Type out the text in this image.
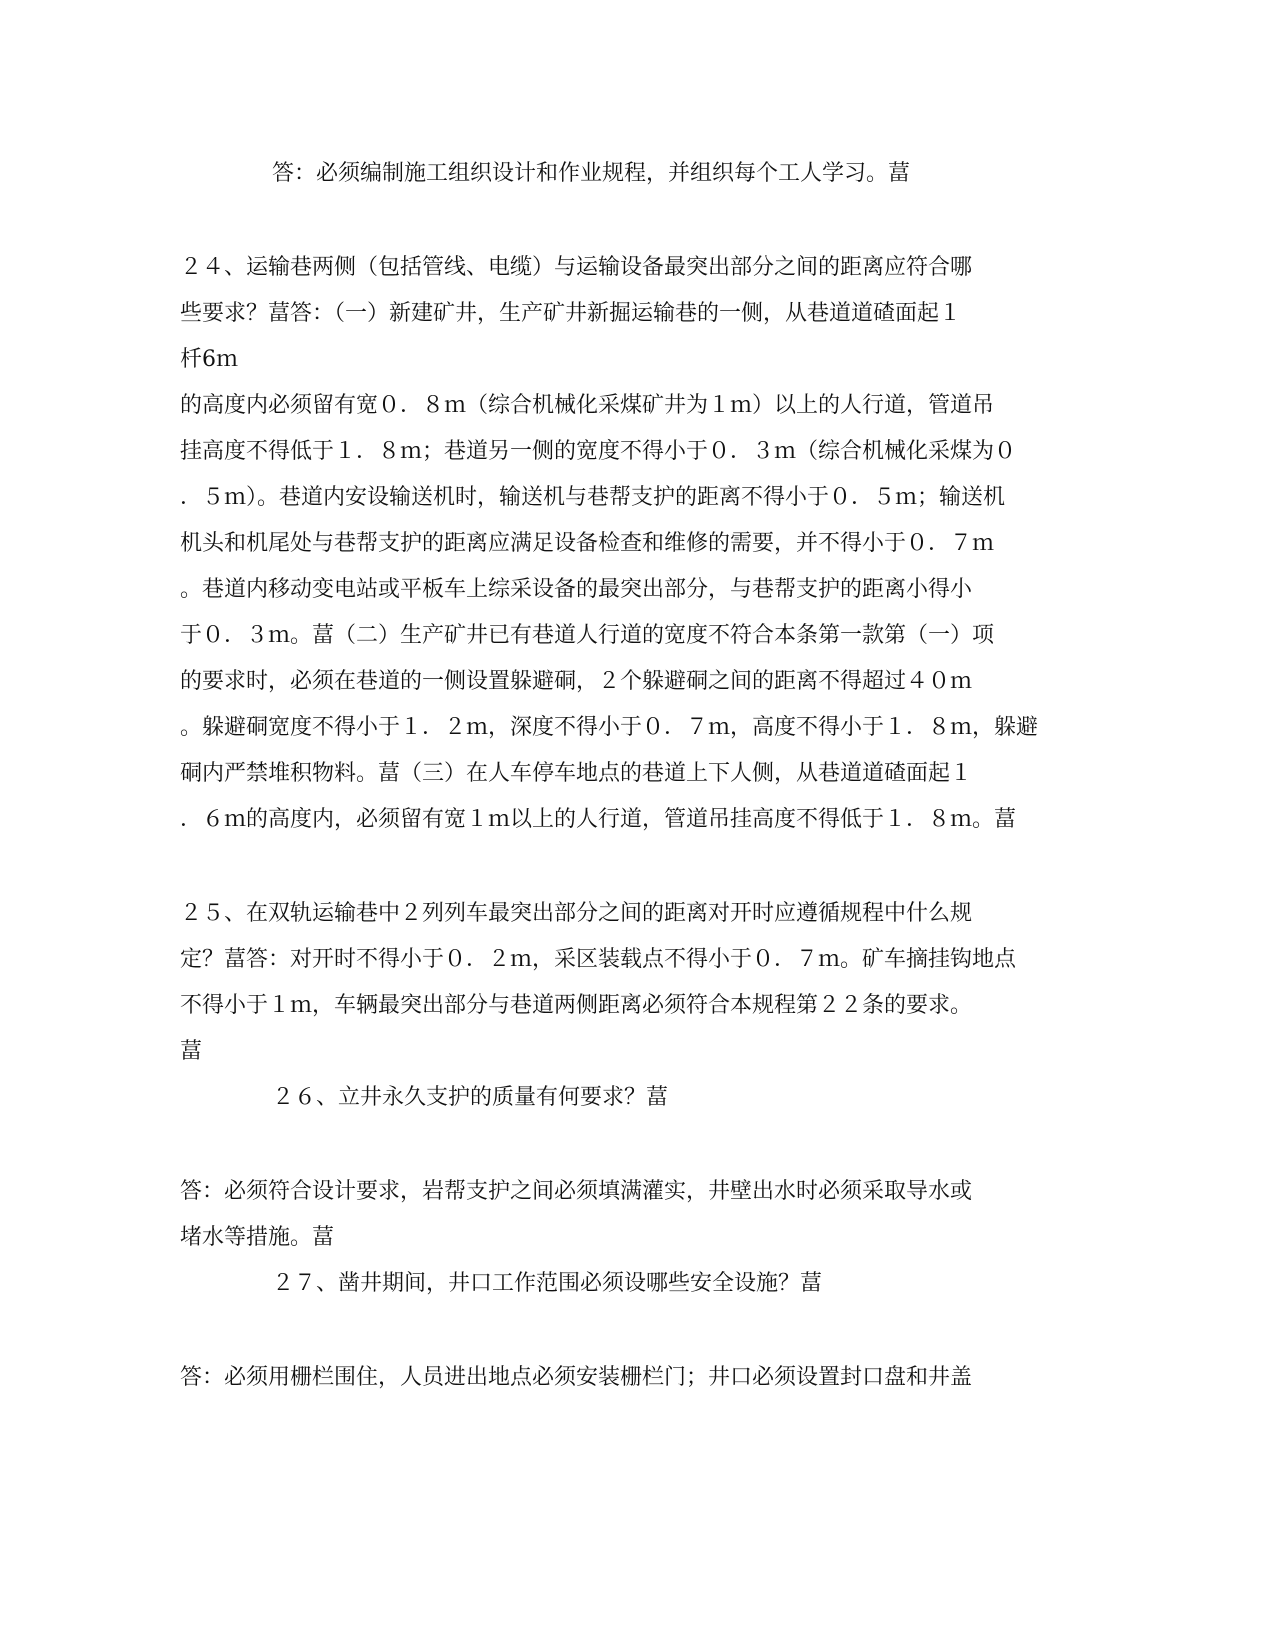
答：必须编制施工组织设计和作业规程，并组织每个工人学习。葍
２４、运输巷两侧（包括管线、电缆）与运输设备最突出部分之间的距离应符合哪
些要求？葍答：（一）新建矿井，生产矿井新掘运输巷的一侧，从巷道道碴面起１
杄6ｍ
的高度内必须留有宽０．８ｍ（综合机械化采煤矿井为１ｍ）以上的人行道，管道吊
挂高度不得低于１．８ｍ；巷道另一侧的宽度不得小于０．３ｍ（综合机械化采煤为０
．５ｍ）。巷道内安设输送机时，输送机与巷帮支护的距离不得小于０．５ｍ；输送机
机头和机尾处与巷帮支护的距离应满足设备检查和维修的需要，并不得小于０．７ｍ
。巷道内移动变电站或平板车上综采设备的最突出部分，与巷帮支护的距离小得小
于０．３ｍ。葍（二）生产矿井已有巷道人行道的宽度不符合本条第一款第（一）项
的要求时，必须在巷道的一侧设置躲避硐，２个躲避硐之间的距离不得超过４０ｍ
。躲避硐宽度不得小于１．２ｍ，深度不得小于０．７ｍ，高度不得小于１．８ｍ，躲避
硐内严禁堆积物料。葍（三）在人车停车地点的巷道上下人侧，从巷道道碴面起１
．６ｍ的高度内，必须留有宽１ｍ以上的人行道，管道吊挂高度不得低于１．８ｍ。葍
２５、在双轨运输巷中２列列车最突出部分之间的距离对开时应遵循规程中什么规
定？葍答：对开时不得小于０．２ｍ，采区装载点不得小于０．７ｍ。矿车摘挂钩地点
不得小于１ｍ，车辆最突出部分与巷道两侧距离必须符合本规程第２２条的要求。
葍
２６、立井永久支护的质量有何要求？葍
答：必须符合设计要求，岩帮支护之间必须填满灌实，井壁出水时必须采取导水或
堵水等措施。葍
２７、凿井期间，井口工作范围必须设哪些安全设施？葍
答：必须用栅栏围住，人员进出地点必须安装栅栏门；井口必须设置封口盘和井盖
